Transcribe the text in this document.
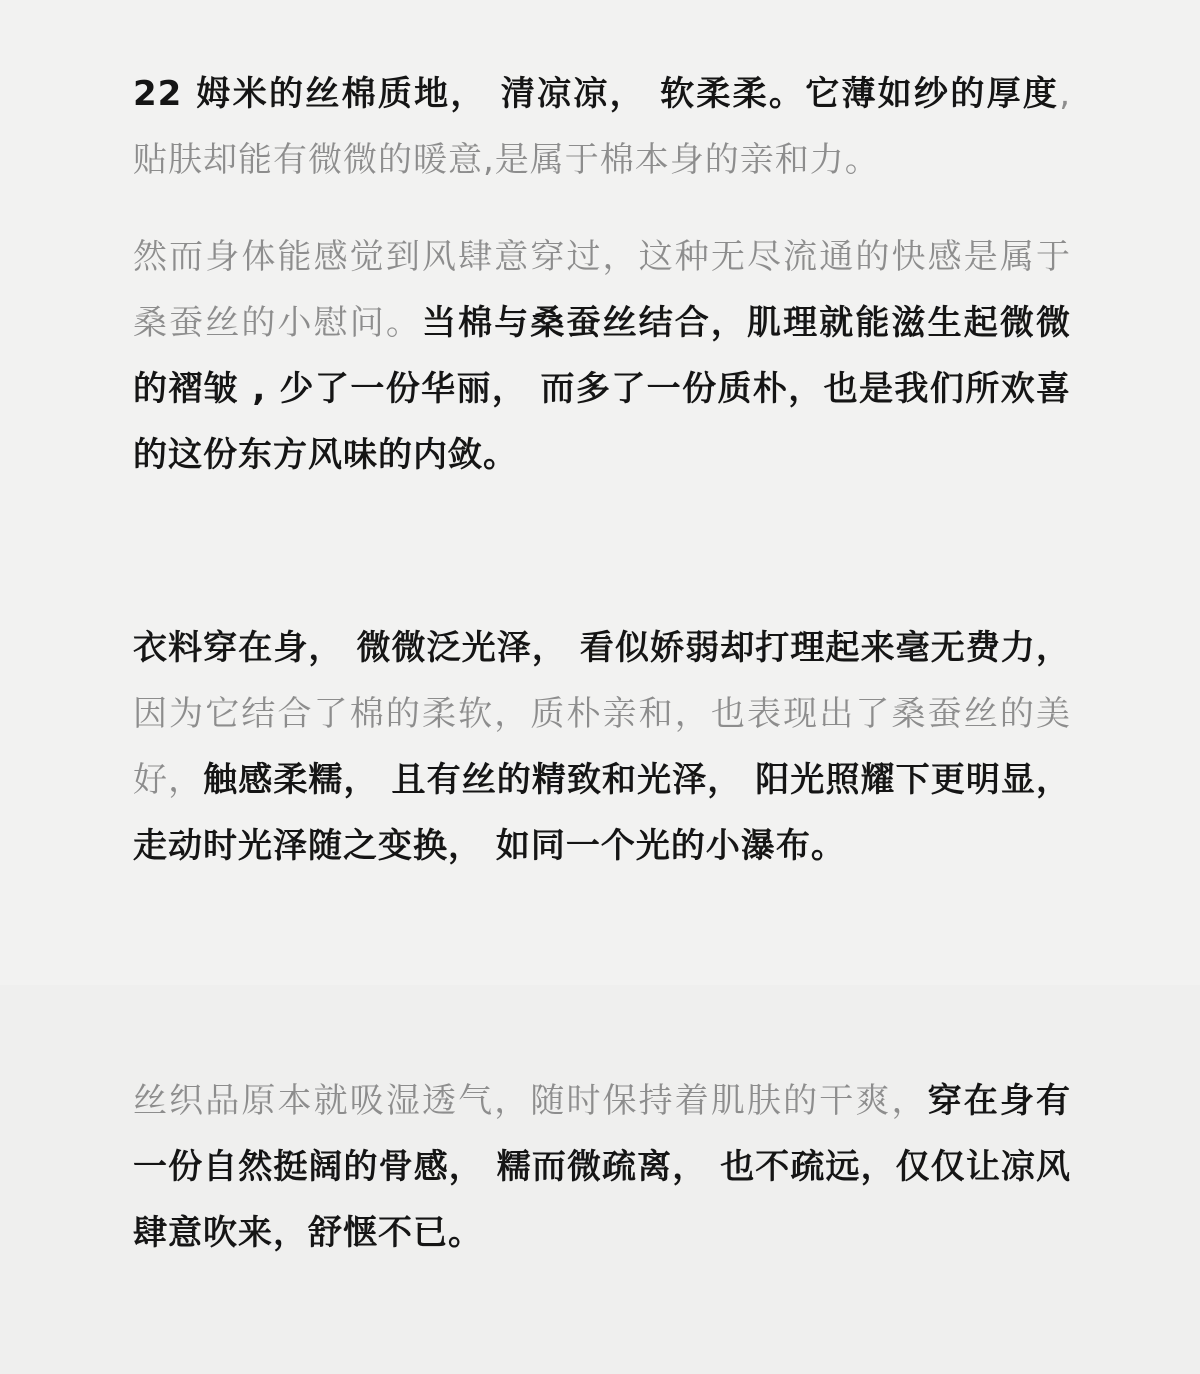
22 姆米的丝棉质地， 清凉凉， 软柔柔。它薄如纱的厚度,贴肤却能有微微的暖意,是属于棉本身的亲和力。

然而身体能感觉到风肆意穿过，这种无尽流通的快感是属于桑蚕丝的小慰问。当棉与桑蚕丝结合，肌理就能滋生起微微的褶皱 , 少了一份华丽， 而多了一份质朴，也是我们所欢喜的这份东方风味的内敛。

衣料穿在身， 微微泛光泽， 看似娇弱却打理起来毫无费力， 因为它结合了棉的柔软，质朴亲和，也表现出了桑蚕丝的美好，触感柔糯， 且有丝的精致和光泽， 阳光照耀下更明显， 走动时光泽随之变换， 如同一个光的小瀑布。

丝织品原本就吸湿透气，随时保持着肌肤的干爽，穿在身有一份自然挺阔的骨感， 糯而微疏离， 也不疏远，仅仅让凉风肆意吹来，舒惬不已。
